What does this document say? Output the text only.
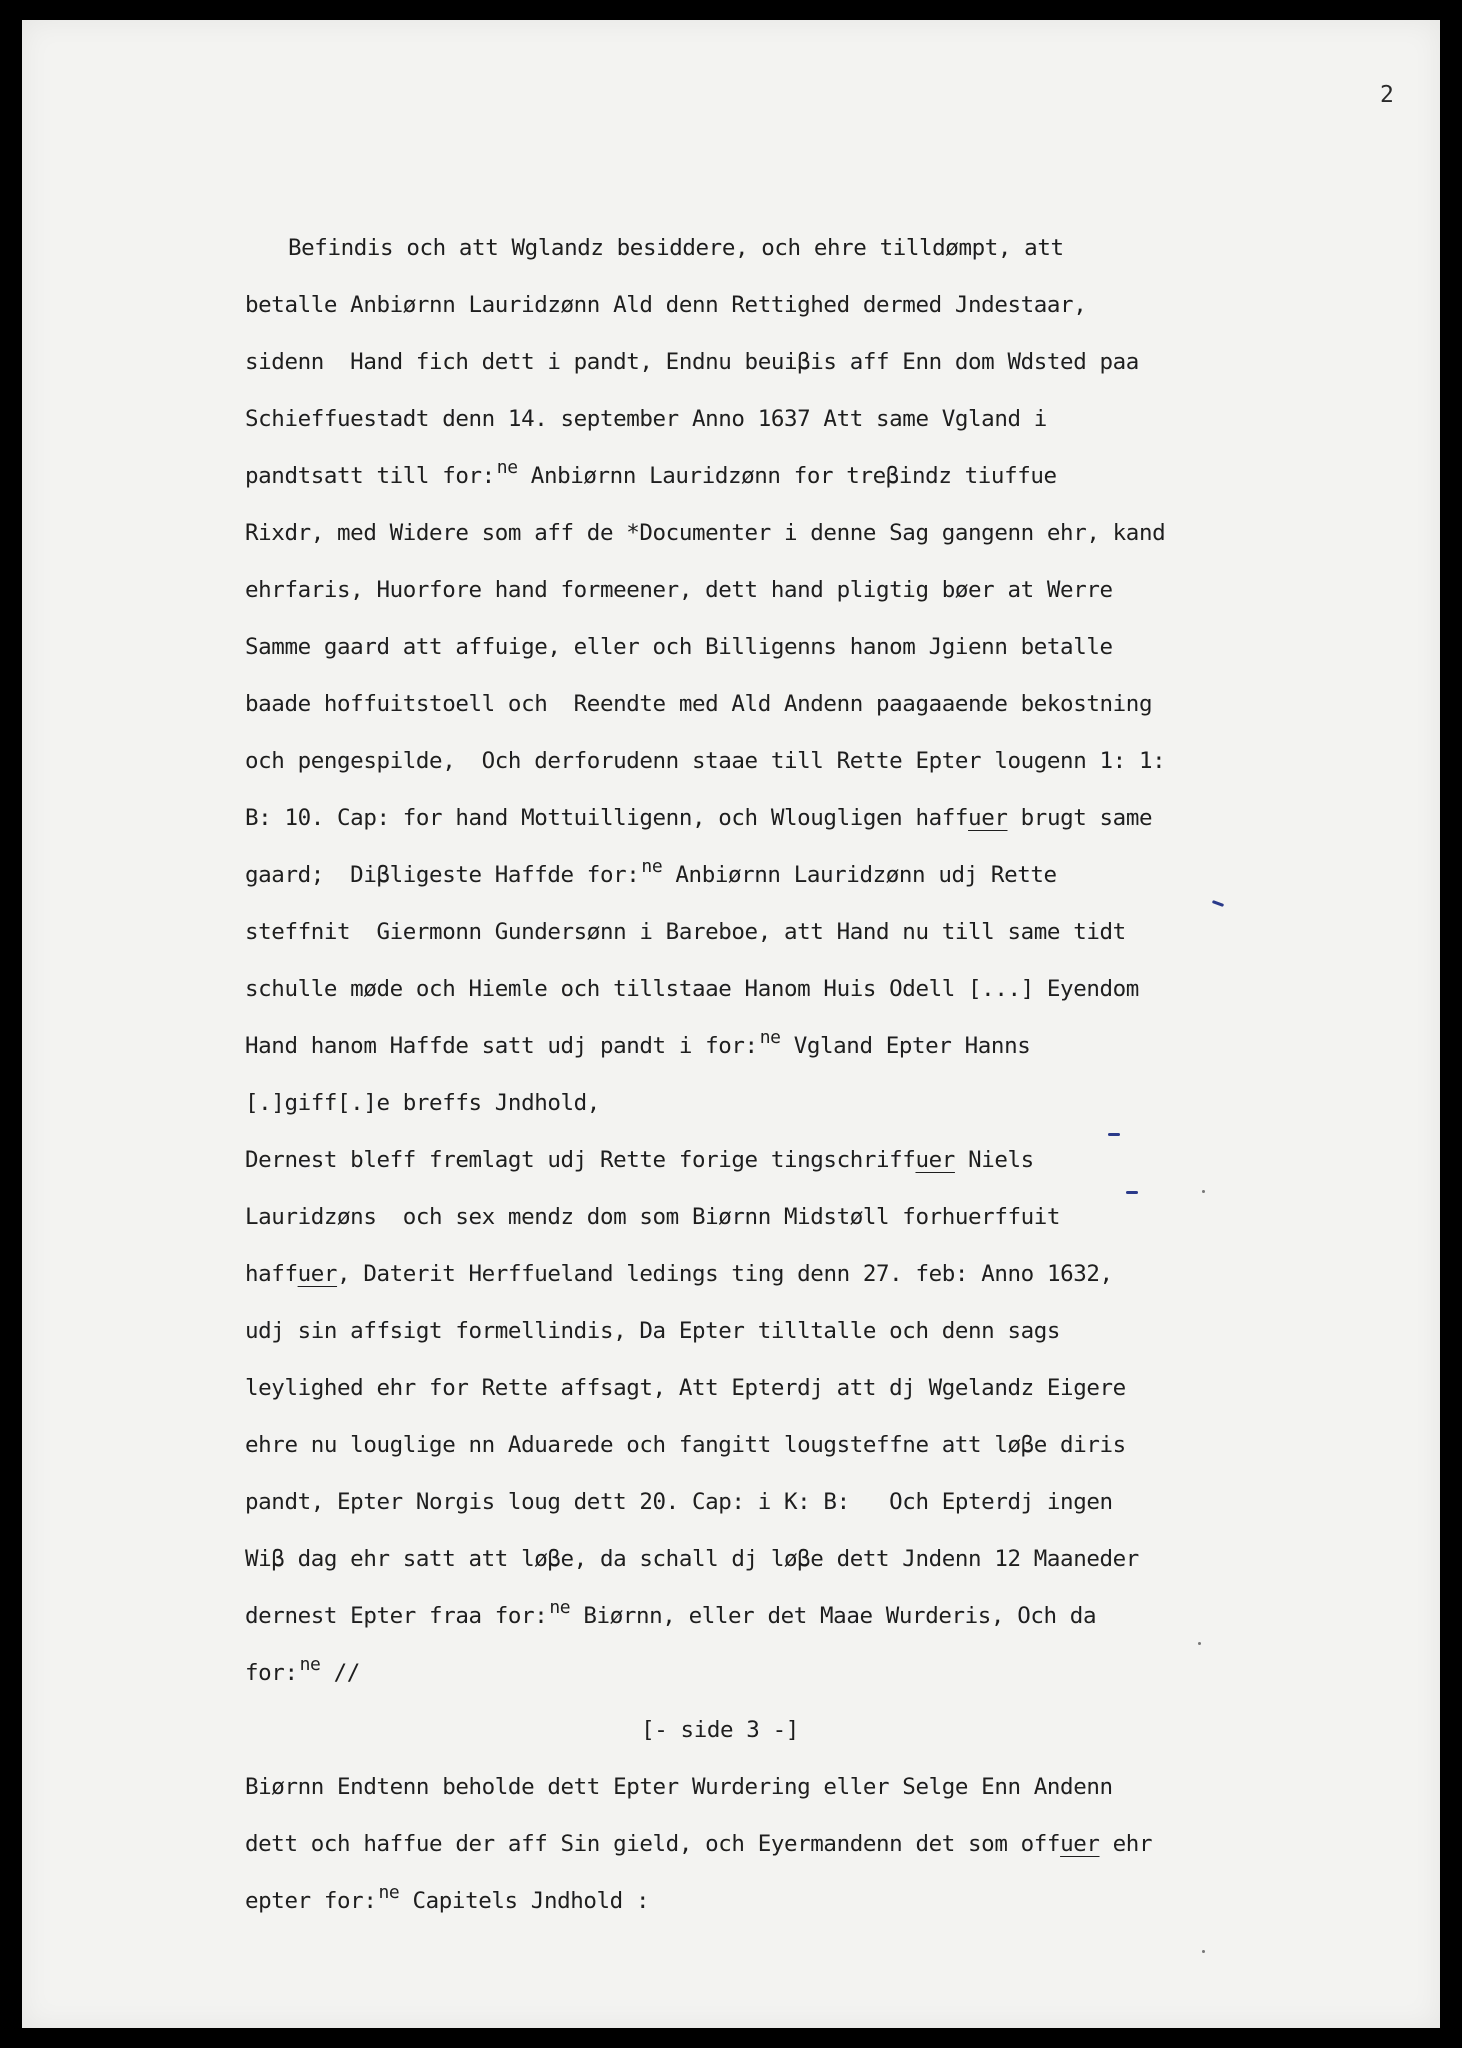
2
Befindis och att Wglandz besiddere, och ehre tilldømpt, att
betalle Anbiørnn Lauridzønn Ald denn Rettighed dermed Jndestaar,
sidenn  Hand fich dett i pandt, Endnu beuiβis aff Enn dom Wdsted paa
Schieffuestadt denn 14. september Anno 1637 Att same Vgland i
pandtsatt till for: $^{ne}$ Anbiørnn Lauridzønn for treβindz tiuffue
Rixdr, med Widere som aff de *Documenter i denne Sag gangenn ehr, kand
ehrfaris, Huorfore hand formeener, dett hand pligtig bøer at Werre
Samme gaard att affuige, eller och Billigenns hanom Jgienn betalle
baade hoffuitstoell och  Reendte med Ald Andenn paagaaende bekostning
och pengespilde,  Och derforudenn staae till Rette Epter lougenn 1: 1:
B: 10. Cap: for hand Mottuilligenn, och Wlougligen haffuer brugt same
gaard;  Diβligeste Haffde for: $^{ne}$ Anbiørnn Lauridzønn udj Rette
steffnit  Giermonn Gundersønn i Bareboe, att Hand nu till same tidt
schulle møde och Hiemle och tillstaae Hanom Huis Odell [...] Eyendom
Hand hanom Haffde satt udj pandt i for: $^{ne}$ Vgland Epter Hanns
[.]giff[.]e breffs Jndhold,
Dernest bleff fremlagt udj Rette forige tingschriffuer Niels
Lauridzøns  och sex mendz dom som Biørnn Midstøll forhuerffuit
haffuer, Daterit Herffueland ledings ting denn 27. feb: Anno 1632,
udj sin affsigt formellindis, Da Epter tilltalle och denn sags
leylighed ehr for Rette affsagt, Att Epterdj att dj Wgelandz Eigere
ehre nu louglige nn Aduarede och fangitt lougsteffne att løβe diris
pandt, Epter Norgis loug dett 20. Cap: i K: B:   Och Epterdj ingen
Wiβ dag ehr satt att løβe, da schall dj løβe dett Jndenn 12 Maaneder
dernest Epter fraa for: $^{ne}$ Biørnn, eller det Maae Wurderis, Och da
for: $^{ne}$ //
[- side 3 -]
Biørnn Endtenn beholde dett Epter Wurdering eller Selge Enn Andenn
dett och haffue der aff Sin gield, och Eyermandenn det som offuer ehr
epter for: $^{ne}$ Capitels Jndhold :
